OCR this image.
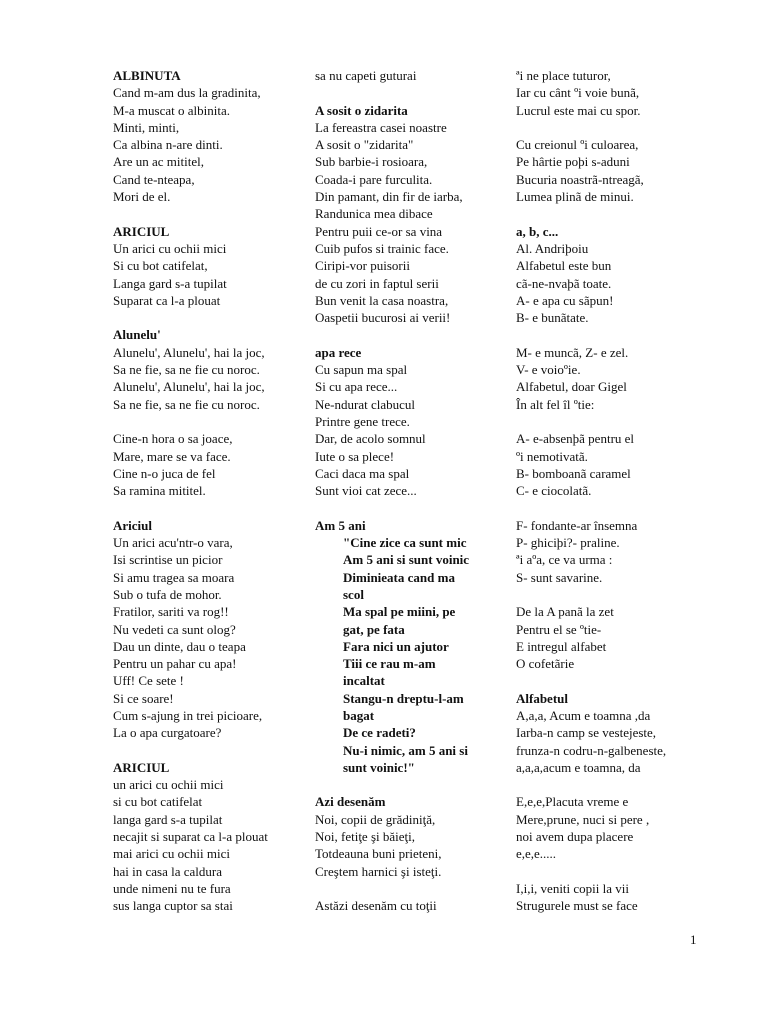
ALBINUTA
Cand m-am dus la gradinita,
M-a muscat o albinita.
Minti, minti,
Ca albina n-are dinti.
Are un ac mititel,
Cand te-nteapa,
Mori de el.
ARICIUL
Un arici cu ochii mici
Si cu bot catifelat,
Langa gard s-a tupilat
Suparat ca l-a plouat
Alunelu'
Alunelu', Alunelu', hai la joc,
Sa ne fie, sa ne fie cu noroc.
Alunelu', Alunelu', hai la joc,
Sa ne fie, sa ne fie cu noroc.
Cine-n hora o sa joace,
Mare, mare se va face.
Cine n-o juca de fel
Sa ramina mititel.
Ariciul
Un arici acu'ntr-o vara,
Isi scrintise un picior
Si amu tragea sa moara
Sub o tufa de mohor.
Fratilor, sariti va rog!!
Nu vedeti ca sunt olog?
Dau un dinte, dau o teapa
Pentru un pahar cu apa!
Uff! Ce sete !
Si ce soare!
Cum s-ajung in trei picioare,
La o apa curgatoare?
ARICIUL
un arici cu ochii mici
si cu bot catifelat
langa gard s-a tupilat
necajit si suparat ca l-a plouat
mai arici cu ochii mici
hai in casa la caldura
unde nimeni nu te fura
sus langa cuptor sa stai
sa nu capeti guturai
A sosit o zidarita
La fereastra casei noastre
A sosit o "zidarita"
Sub barbie-i rosioara,
Coada-i pare furculita.
Din pamant, din fir de iarba,
Randunica mea dibace
Pentru puii ce-or sa vina
Cuib pufos si trainic face.
Ciripi-vor puisorii
de cu zori in faptul serii
Bun venit la casa noastra,
Oaspetii bucurosi ai verii!
apa rece
Cu sapun ma spal
Si cu apa rece...
Ne-ndurat clabucul
Printre gene trece.
Dar, de acolo somnul
Iute o sa plece!
Caci daca ma spal
Sunt vioi cat zece...
Am 5 ani
"Cine zice ca sunt mic
Am 5 ani si sunt voinic
Diminieata cand ma
scol
Ma spal pe miini, pe
gat, pe fata
Fara nici un ajutor
Tiii ce rau m-am
incaltat
Stangu-n dreptu-l-am
bagat
De ce radeti?
Nu-i nimic, am 5 ani si
sunt voinic!"
Azi desenăm
Noi, copii de grădiniţă,
Noi, fetiţe şi băieţi,
Totdeauna buni prieteni,
Creştem harnici şi isteţi.
Astăzi desenăm cu toţii
ªi ne place tuturor,
Iar cu cânt ºi voie bunã,
Lucrul este mai cu spor.
Cu creionul ºi culoarea,
Pe hârtie poþi s-aduni
Bucuria noastrã-ntreagã,
Lumea plinã de minui.
a, b, c...
Al. Andriþoiu
Alfabetul este bun
cã-ne-nvaþã toate.
A- e apa cu sãpun!
B- e bunãtate.
M- e muncã, Z- e zel.
V- e voioºie.
Alfabetul, doar Gigel
În alt fel îl ºtie:
A- e-absenþã pentru el
ºi nemotivatã.
B- bomboanã caramel
C- e ciocolatã.
F- fondante-ar însemna
P- ghiciþi?- praline.
ªi aºa, ce va urma :
S- sunt savarine.
De la A panã la zet
Pentru el se ºtie-
E intregul alfabet
O cofetãrie
Alfabetul
A,a,a, Acum e toamna ,da
Iarba-n camp se vestejeste,
frunza-n codru-n-galbeneste,
a,a,a,acum e toamna, da
E,e,e,Placuta vreme e
Mere,prune, nuci si pere ,
noi avem dupa placere
e,e,e.....
I,i,i, veniti copii la vii
Strugurele must se face
1
